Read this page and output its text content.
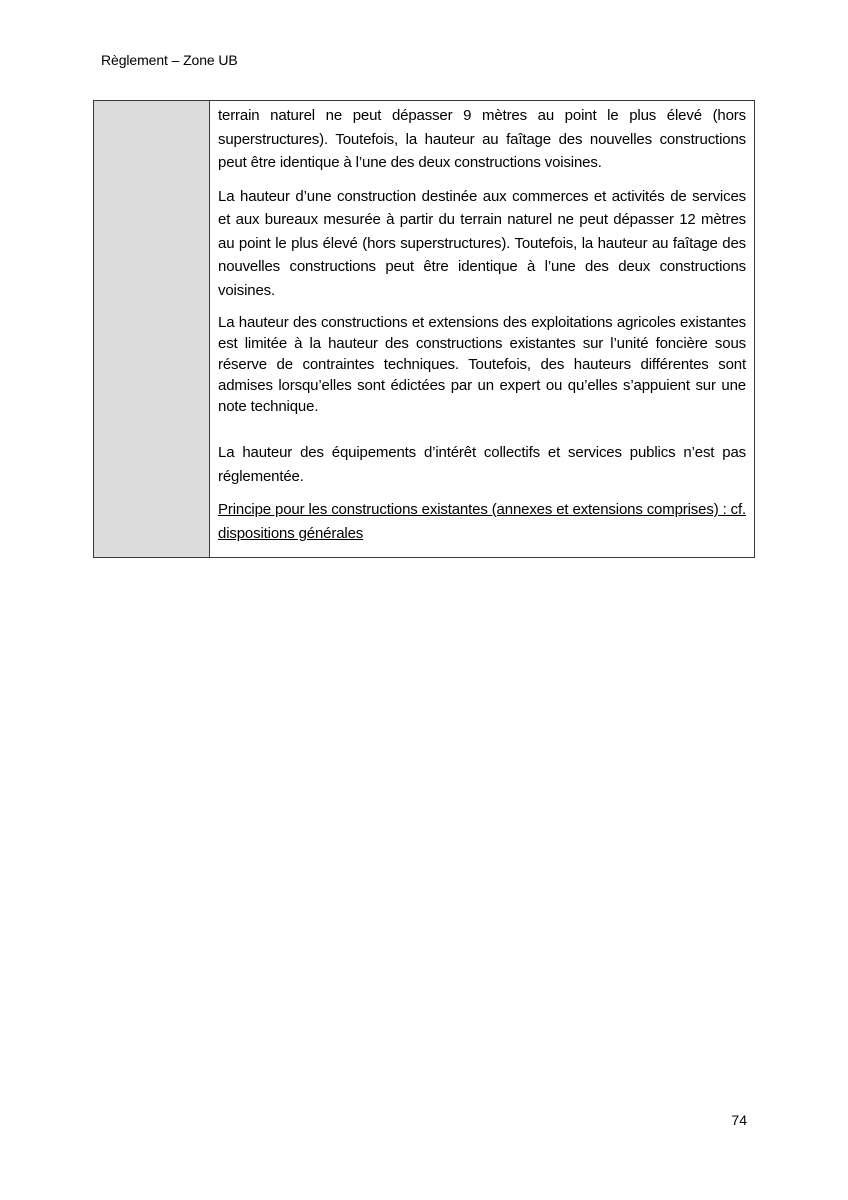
Règlement – Zone UB

terrain naturel ne peut dépasser 9 mètres au point le plus élevé (hors superstructures). Toutefois, la hauteur au faîtage des nouvelles constructions peut être identique à l’une des deux constructions voisines.

La hauteur d’une construction destinée aux commerces et activités de services et aux bureaux mesurée à partir du terrain naturel ne peut dépasser 12 mètres au point le plus élevé (hors superstructures). Toutefois, la hauteur au faîtage des nouvelles constructions peut être identique à l’une des deux constructions voisines.

La hauteur des constructions et extensions des exploitations agricoles existantes est limitée à la hauteur des constructions existantes sur l’unité foncière sous réserve de contraintes techniques. Toutefois, des hauteurs différentes sont admises lorsqu’elles sont édictées par un expert ou qu’elles s’appuient sur une note technique.

La hauteur des équipements d’intérêt collectifs et services publics n’est pas réglementée.

Principe pour les constructions existantes (annexes et extensions comprises) : cf. dispositions générales

74
